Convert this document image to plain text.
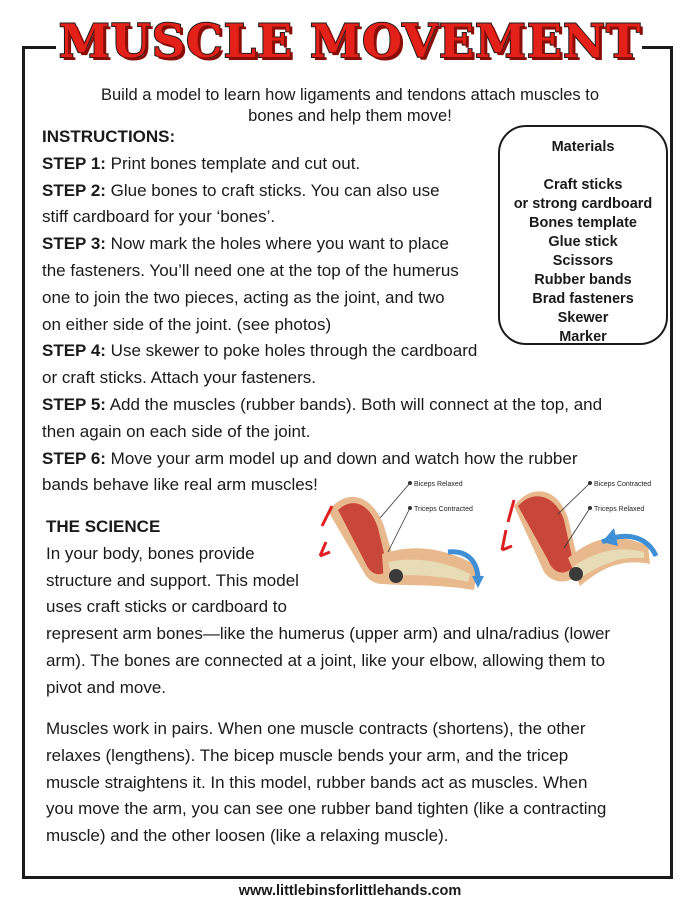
MUSCLE MOVEMENT

Build a model to learn how ligaments and tendons attach muscles to
bones and help them move!

INSTRUCTIONS:
STEP 1: Print bones template and cut out.
STEP 2: Glue bones to craft sticks. You can also use
stiff cardboard for your ‘bones’.
STEP 3: Now mark the holes where you want to place
the fasteners. You’ll need one at the top of the humerus
one to join the two pieces, acting as the joint, and two
on either side of the joint. (see photos)
STEP 4: Use skewer to poke holes through the cardboard
or craft sticks. Attach your fasteners.
STEP 5: Add the muscles (rubber bands). Both will connect at the top, and
then again on each side of the joint.
STEP 6: Move your arm model up and down and watch how the rubber
bands behave like real arm muscles!
Materials
Craft sticks
or strong cardboard
Bones template
Glue stick
Scissors
Rubber bands
Brad fasteners
Skewer
Marker
Biceps Relaxed
Triceps Contracted
Biceps Contracted
Triceps Relaxed
THE SCIENCE
In your body, bones provide
structure and support. This model
uses craft sticks or cardboard to
represent arm bones—like the humerus (upper arm) and ulna/radius (lower
arm). The bones are connected at a joint, like your elbow, allowing them to
pivot and move.
Muscles work in pairs. When one muscle contracts (shortens), the other
relaxes (lengthens). The bicep muscle bends your arm, and the tricep
muscle straightens it. In this model, rubber bands act as muscles. When
you move the arm, you can see one rubber band tighten (like a contracting
muscle) and the other loosen (like a relaxing muscle).
www.littlebinsforlittlehands.com
